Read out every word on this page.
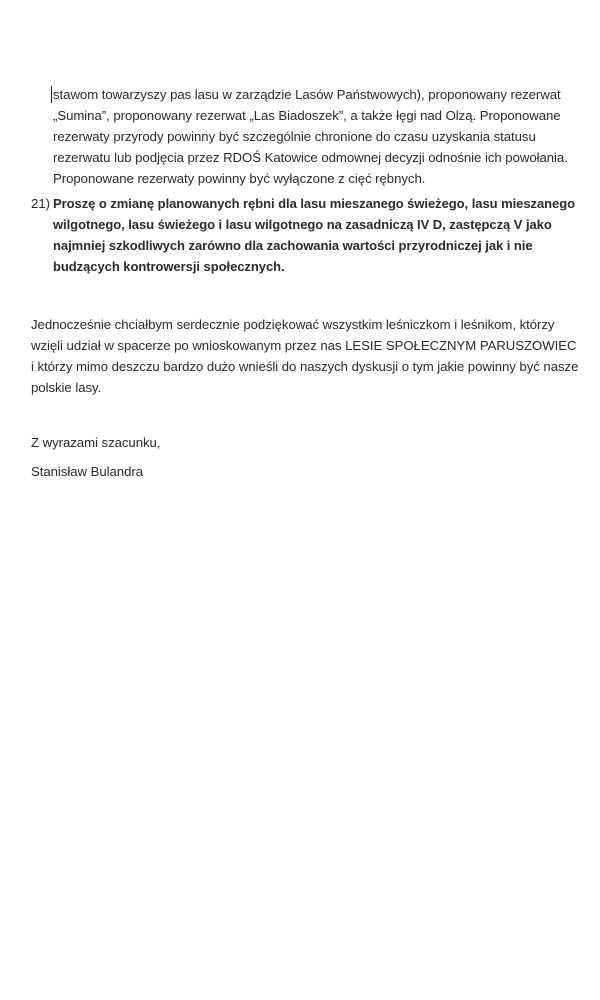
stawom towarzyszy pas lasu w zarządzie Lasów Państwowych), proponowany rezerwat
„Sumina”, proponowany rezerwat „Las Biadoszek”, a także łęgi nad Olzą. Proponowane
rezerwaty przyrody powinny być szczególnie chronione do czasu uzyskania statusu
rezerwatu lub podjęcia przez RDOŚ Katowice odmownej decyzji odnośnie ich powołania.
Proponowane rezerwaty powinny być wyłączone z cięć rębnych.
21) Proszę o zmianę planowanych rębni dla lasu mieszanego świeżego, lasu mieszanego
wilgotnego, lasu świeżego i lasu wilgotnego na zasadniczą IV D, zastępczą V jako
najmniej szkodliwych zarówno dla zachowania wartości przyrodniczej jak i nie
budzących kontrowersji społecznych.
Jednocześnie chciałbym serdecznie podziękować wszystkim leśniczkom i leśnikom, którzy
wzięli udział w spacerze po wnioskowanym przez nas LESIE SPOŁECZNYM PARUSZOWIEC
i którzy mimo deszczu bardzo dużo wnieśli do naszych dyskusji o tym jakie powinny być nasze
polskie lasy.
Z wyrazami szacunku,
Stanisław Bulandra
